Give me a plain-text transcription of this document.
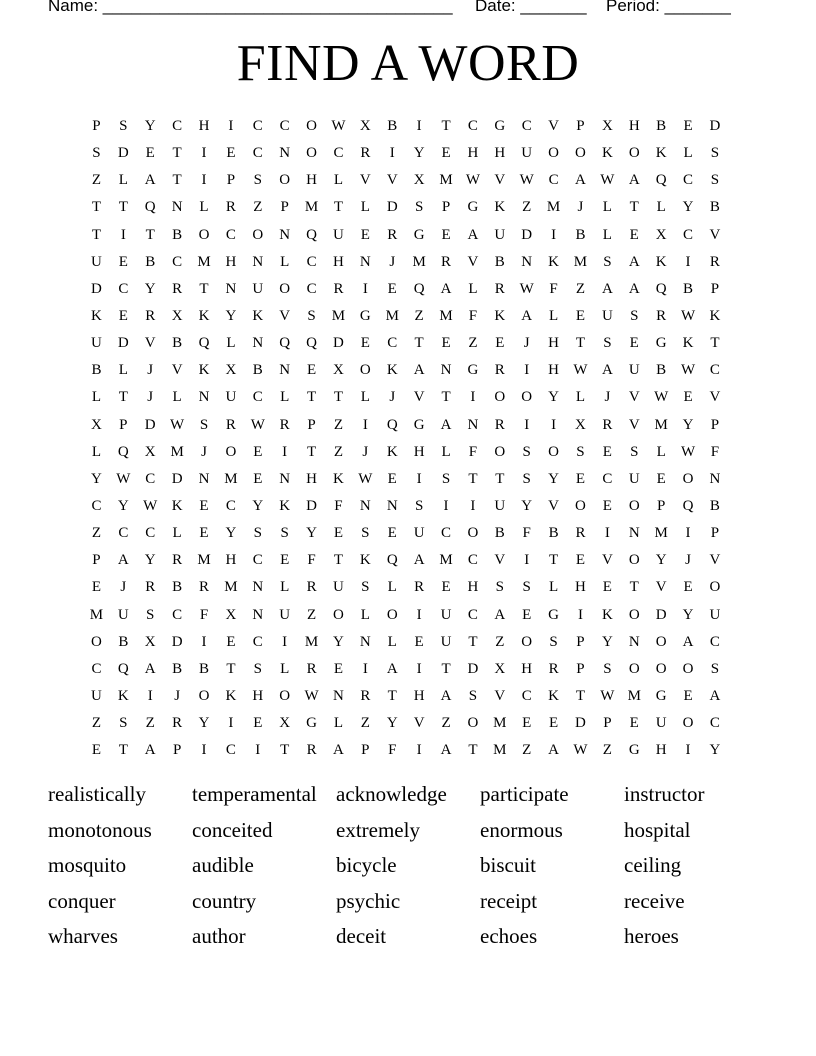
Name: _____________________________________ Date: _______ Period: _______
FIND A WORD
P	S	Y	C	H	I	C	C	O W X	B	I	T	C	G	C	V	P	X	H	B	E	D
S	D	E	T	I	E	C	N	O	C	R	I	Y	E	H	H	U	O	O	K	O	K	L	S
Z	L	A	T	I	P	S	O	H	L	V	V	X M W V W C	A W A	Q	C	S
T	T	Q	N	L	R	Z	P	M	T	L	D	S	P	G	K	Z	M	J	L	T	L	Y	B
T	I	T	B	O	C	O	N	Q	U	E	R	G	E	A	U	D	I	B	L	E	X	C	V
U	E	B	C	M H	N	L	C	H	N	J	M	R	V	B	N	K M	S	A	K	I	R
D	C	Y	R	T	N	U	O	C	R	I	E	Q	A	L	R W	F	Z	A	A	Q	B	P
K	E	R	X	K	Y	K	V	S	M G M	Z	M	F	K	A	L	E	U	S	R W K
U	D	V	B	Q	L	N	Q	Q	D	E	C	T	E	Z	E	J	H	T	S	E	G	K	T
B	L	J	V	K	X	B	N	E	X	O	K	A	N	G	R	I	H W A	U	B W C
L	T	J	L	N	U	C	L	T	T	L	J	V	T	I	O	O	Y	L	J	V W	E	V
X	P	D W	S	R W R	P	Z	I	Q	G	A	N	R	I	I	X	R	V M Y	P
L	Q	X M	J	O	E	I	T	Z	J	K	H	L	F	O	S	O	S	E	S	L	W	F
Y W C	D	N M	E	N	H	K W	E	I	S	T	T	S	Y	E	C	U	E	O	N
C	Y W K	E	C	Y	K	D	F	N	N	S	I	I	U	Y	V	O	E	O	P	Q	B
Z	C	C	L	E	Y	S	S	Y	E	S	E	U	C	O	B	F	B	R	I	N M	I	P
P	A	Y	R	M H	C	E	F	T	K	Q	A M	C	V	I	T	E	V	O	Y	J	V
E	J	R	B	R	M N	L	R	U	S	L	R	E	H	S	S	L	H	E	T	V	E	O
M U	S	C	F	X	N	U	Z	O	L	O	I	U	C	A	E	G	I	K	O	D	Y	U
O	B	X	D	I	E	C	I	M Y	N	L	E	U	T	Z	O	S	P	Y	N	O	A	C
C	Q	A	B	B	T	S	L	R	E	I	A	I	T	D	X	H	R	P	S	O	O	O	S
U	K	I	J	O	K	H	O W N	R	T	H	A	S	V	C	K	T	W M G	E	A
Z	S	Z	R	Y	I	E	X	G	L	Z	Y	V	Z	O M	E	E	D	P	E	U	O	C
E	T	A	P	I	C	I	T	R	A	P	F	I	A	T	M	Z	A W	Z	G	H	I	Y
realistically	temperamental acknowledge	participate	instructor
monotonous	conceited	extremely	enormous	hospital
mosquito	audible	bicycle	biscuit	ceiling
conquer	country	psychic	receipt	receive
wharves	author	deceit	echoes	heroes
